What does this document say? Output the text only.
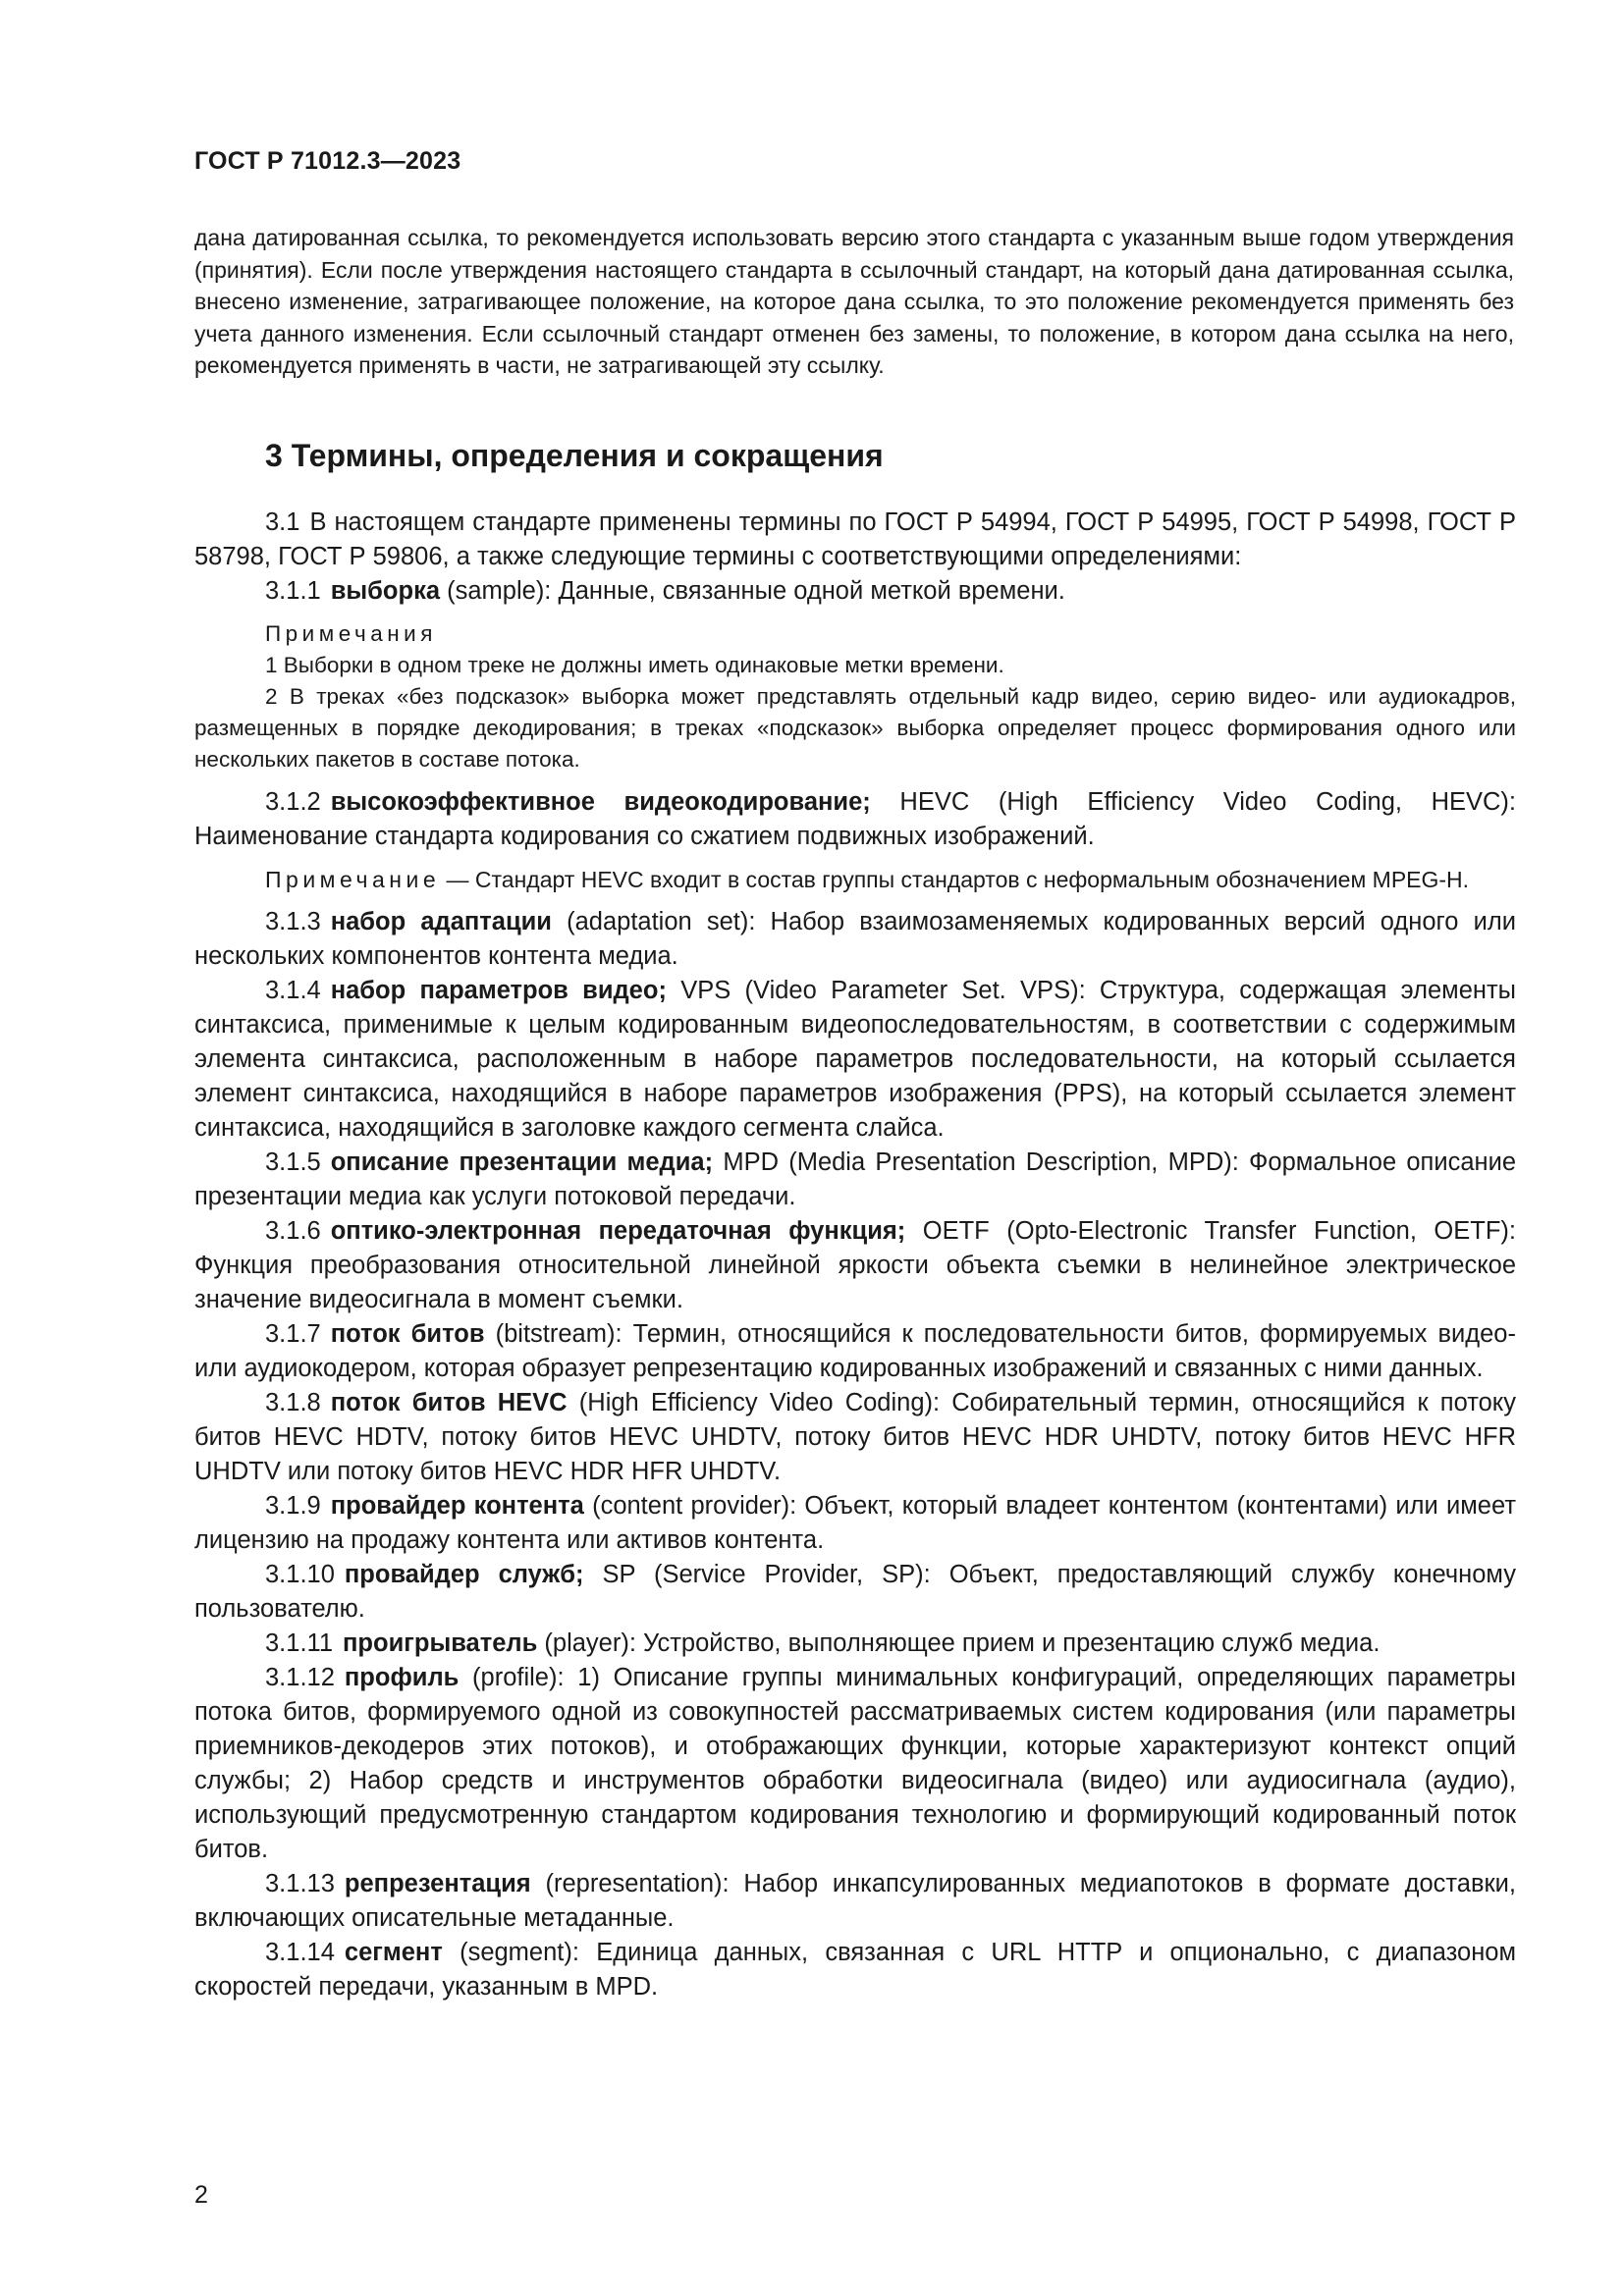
ГОСТ Р 71012.3—2023
дана датированная ссылка, то рекомендуется использовать версию этого стандарта с указанным выше годом утверждения (принятия). Если после утверждения настоящего стандарта в ссылочный стандарт, на который дана датированная ссылка, внесено изменение, затрагивающее положение, на которое дана ссылка, то это положение рекомендуется применять без учета данного изменения. Если ссылочный стандарт отменен без замены, то положение, в котором дана ссылка на него, рекомендуется применять в части, не затрагивающей эту ссылку.
3 Термины, определения и сокращения

3.1 В настоящем стандарте применены термины по ГОСТ Р 54994, ГОСТ Р 54995, ГОСТ Р 54998, ГОСТ Р 58798, ГОСТ Р 59806, а также следующие термины с соответствующими определениями:

3.1.1 выборка (sample): Данные, связанные одной меткой времени.

Примечания

1 Выборки в одном треке не должны иметь одинаковые метки времени.

2 В треках «без подсказок» выборка может представлять отдельный кадр видео, серию видео- или аудиокадров, размещенных в порядке декодирования; в треках «подсказок» выборка определяет процесс формирования одного или нескольких пакетов в составе потока.

3.1.2 высокоэффективное видеокодирование; HEVC (High Efficiency Video Coding, HEVC): Наименование стандарта кодирования со сжатием подвижных изображений.

Примечание — Стандарт HEVC входит в состав группы стандартов с неформальным обозначением MPEG-H.

3.1.3 набор адаптации (adaptation set): Набор взаимозаменяемых кодированных версий одного или нескольких компонентов контента медиа.

3.1.4 набор параметров видео; VPS (Video Parameter Set. VPS): Структура, содержащая элементы синтаксиса, применимые к целым кодированным видеопоследовательностям, в соответствии с содержимым элемента синтаксиса, расположенным в наборе параметров последовательности, на который ссылается элемент синтаксиса, находящийся в наборе параметров изображения (PPS), на который ссылается элемент синтаксиса, находящийся в заголовке каждого сегмента слайса.

3.1.5 описание презентации медиа; MPD (Media Presentation Description, MPD): Формальное описание презентации медиа как услуги потоковой передачи.

3.1.6 оптико-электронная передаточная функция; OETF (Opto-Electronic Transfer Function, OETF): Функция преобразования относительной линейной яркости объекта съемки в нелинейное электрическое значение видеосигнала в момент съемки.

3.1.7 поток битов (bitstream): Термин, относящийся к последовательности битов, формируемых видео- или аудиокодером, которая образует репрезентацию кодированных изображений и связанных с ними данных.

3.1.8 поток битов HEVC (High Efficiency Video Coding): Собирательный термин, относящийся к потоку битов HEVC HDTV, потоку битов HEVC UHDTV, потоку битов HEVC HDR UHDTV, потоку битов HEVC HFR UHDTV или потоку битов HEVC HDR HFR UHDTV.

3.1.9 провайдер контента (content provider): Объект, который владеет контентом (контентами) или имеет лицензию на продажу контента или активов контента.

3.1.10 провайдер служб; SP (Service Provider, SP): Объект, предоставляющий службу конечному пользователю.

3.1.11 проигрыватель (player): Устройство, выполняющее прием и презентацию служб медиа.

3.1.12 профиль (profile): 1) Описание группы минимальных конфигураций, определяющих параметры потока битов, формируемого одной из совокупностей рассматриваемых систем кодирования (или параметры приемников-декодеров этих потоков), и отображающих функции, которые характеризуют контекст опций службы; 2) Набор средств и инструментов обработки видеосигнала (видео) или аудиосигнала (аудио), использующий предусмотренную стандартом кодирования технологию и формирующий кодированный поток битов.

3.1.13 репрезентация (representation): Набор инкапсулированных медиапотоков в формате доставки, включающих описательные метаданные.

3.1.14 сегмент (segment): Единица данных, связанная с URL HTTP и опционально, с диапазоном скоростей передачи, указанным в MPD.

2
